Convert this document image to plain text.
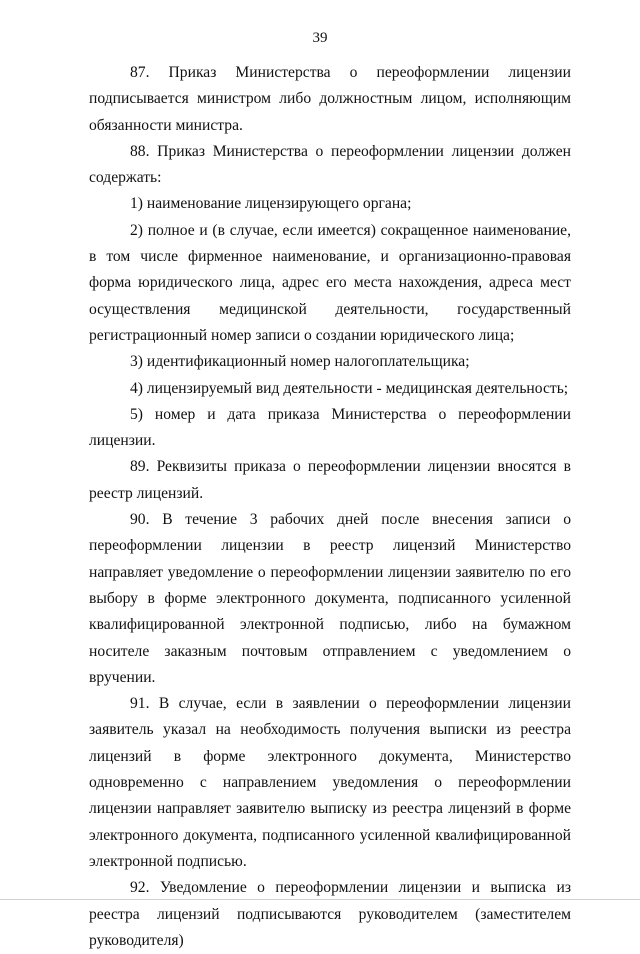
39

87. Приказ Министерства о переоформлении лицензии подписывается министром либо должностным лицом, исполняющим обязанности министра.

88. Приказ Министерства о переоформлении лицензии должен содержать:

1) наименование лицензирующего органа;

2) полное и (в случае, если имеется) сокращенное наименование, в том числе фирменное наименование, и организационно-правовая форма юридического лица, адрес его места нахождения, адреса мест осуществления медицинской деятельности, государственный регистрационный номер записи о создании юридического лица;

3) идентификационный номер налогоплательщика;

4) лицензируемый вид деятельности - медицинская деятельность;

5) номер и дата приказа Министерства о переоформлении лицензии.

89. Реквизиты приказа о переоформлении лицензии вносятся в реестр лицензий.

90. В течение 3 рабочих дней после внесения записи о переоформлении лицензии в реестр лицензий Министерство направляет уведомление о переоформлении лицензии заявителю по его выбору в форме электронного документа, подписанного усиленной квалифицированной электронной подписью, либо на бумажном носителе заказным почтовым отправлением с уведомлением о вручении.

91. В случае, если в заявлении о переоформлении лицензии заявитель указал на необходимость получения выписки из реестра лицензий в форме электронного документа, Министерство одновременно с направлением уведомления о переоформлении лицензии направляет заявителю выписку из реестра лицензий в форме электронного документа, подписанного усиленной квалифицированной электронной подписью.

92. Уведомление о переоформлении лицензии и выписка из реестра лицензий подписываются руководителем (заместителем руководителя)
